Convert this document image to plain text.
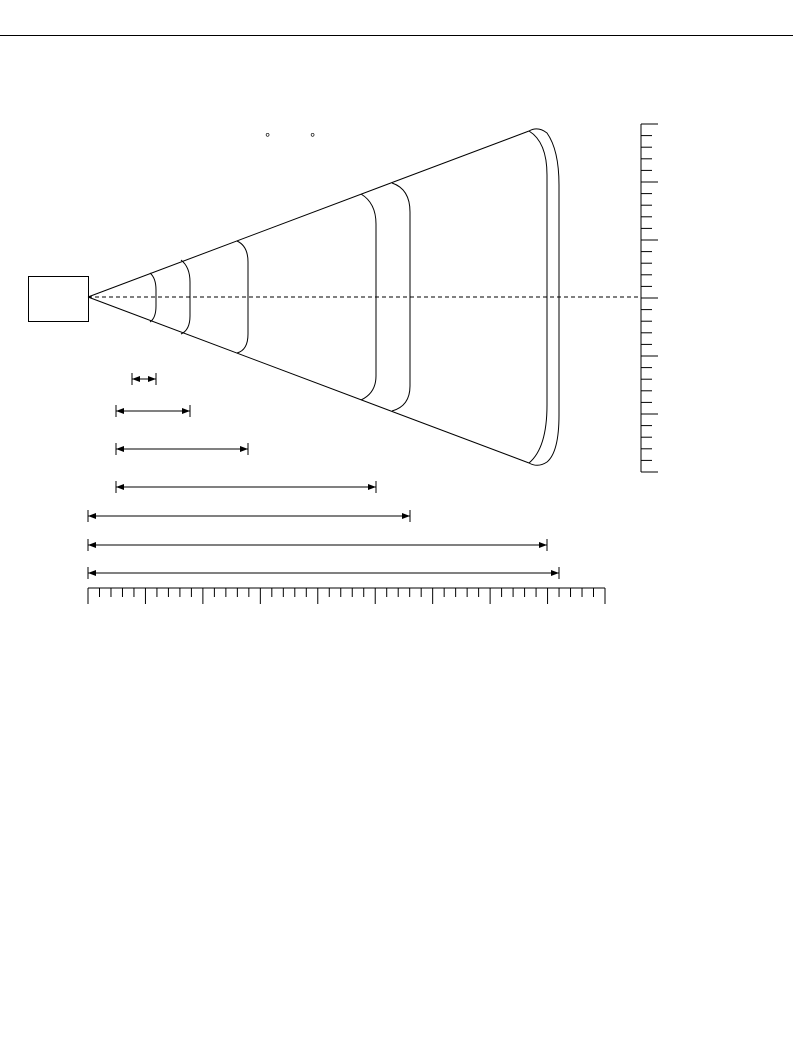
°	°
